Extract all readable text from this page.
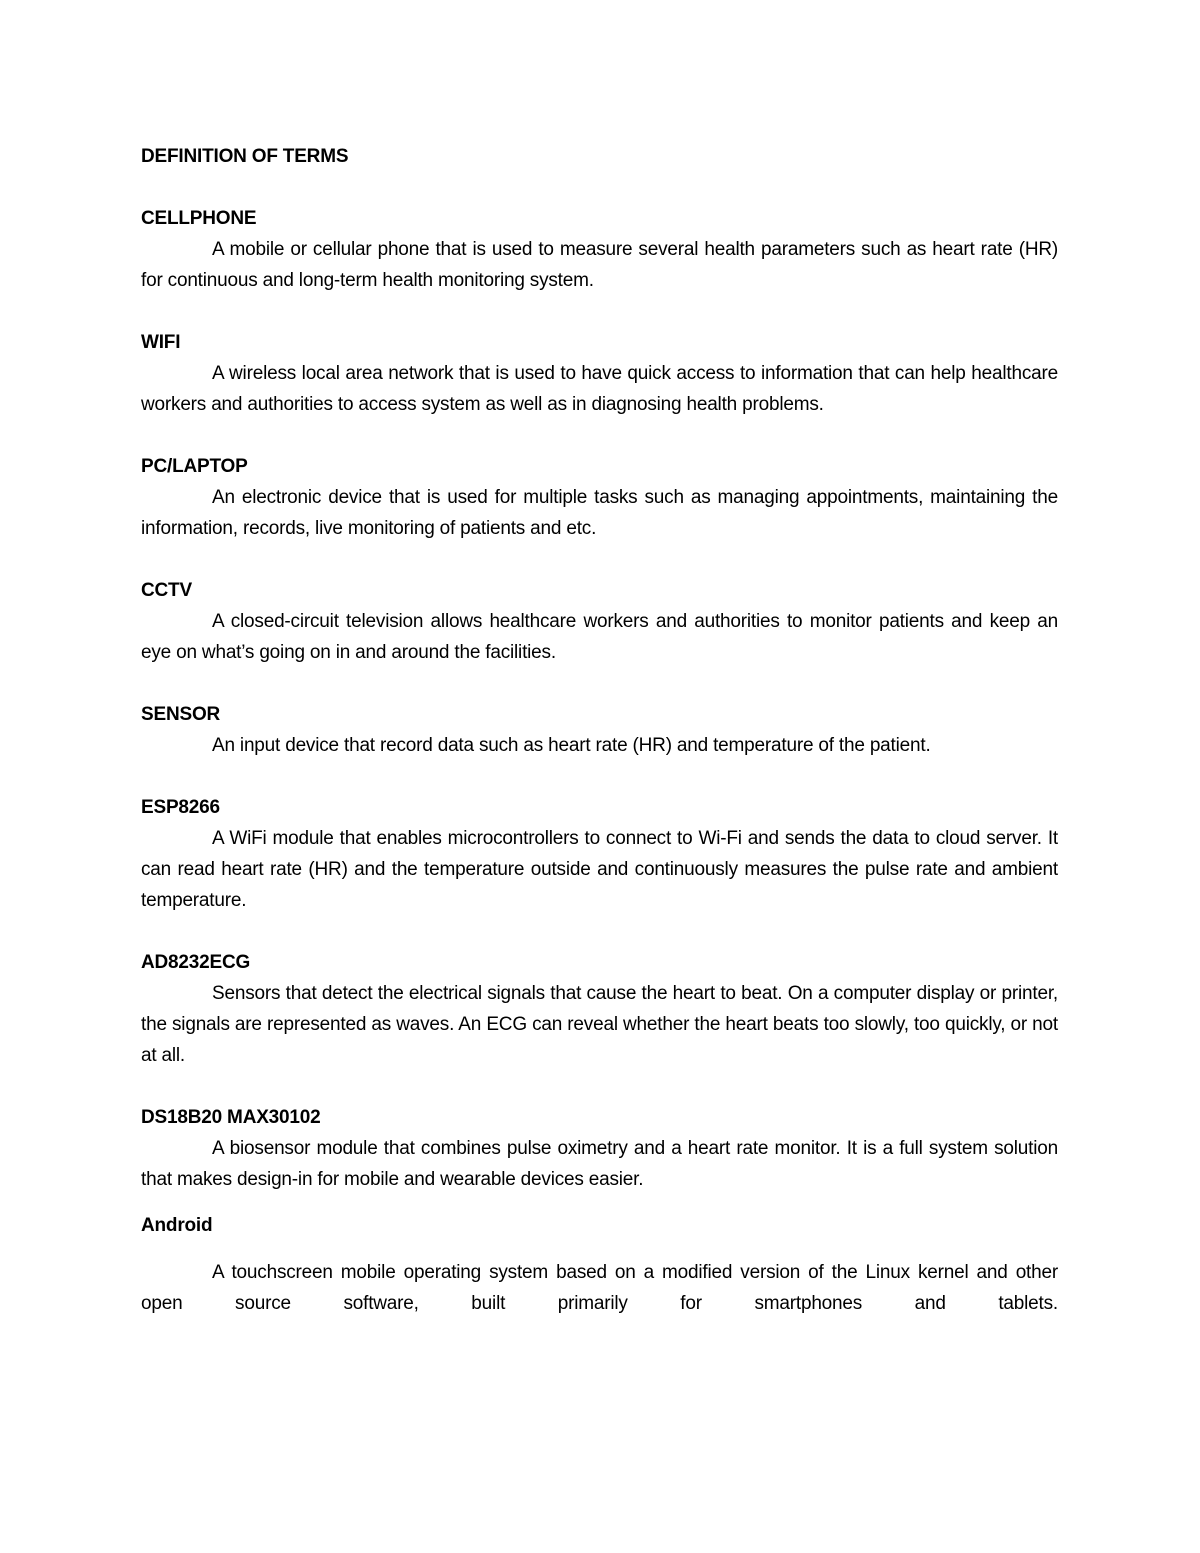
DEFINITION OF TERMS
CELLPHONE

A mobile or cellular phone that is used to measure several health parameters such as heart rate (HR) for continuous and long-term health monitoring system.

WIFI

A wireless local area network that is used to have quick access to information that can help healthcare workers and authorities to access system as well as in diagnosing health problems.

PC/LAPTOP

An electronic device that is used for multiple tasks such as managing appointments, maintaining the information, records, live monitoring of patients and etc.

CCTV

A closed-circuit television allows healthcare workers and authorities to monitor patients and keep an eye on what’s going on in and around the facilities.

SENSOR

An input device that record data such as heart rate (HR) and temperature of the patient.

ESP8266

A WiFi module that enables microcontrollers to connect to Wi-Fi and sends the data to cloud server. It can read heart rate (HR) and the temperature outside and continuously measures the pulse rate and ambient temperature.

AD8232ECG

Sensors that detect the electrical signals that cause the heart to beat. On a computer display or printer, the signals are represented as waves. An ECG can reveal whether the heart beats too slowly, too quickly, or not at all.

DS18B20 MAX30102

A biosensor module that combines pulse oximetry and a heart rate monitor. It is a full system solution that makes design-in for mobile and wearable devices easier.

Android

A touchscreen mobile operating system based on a modified version of the Linux kernel and other open source software, built primarily for smartphones and tablets.
